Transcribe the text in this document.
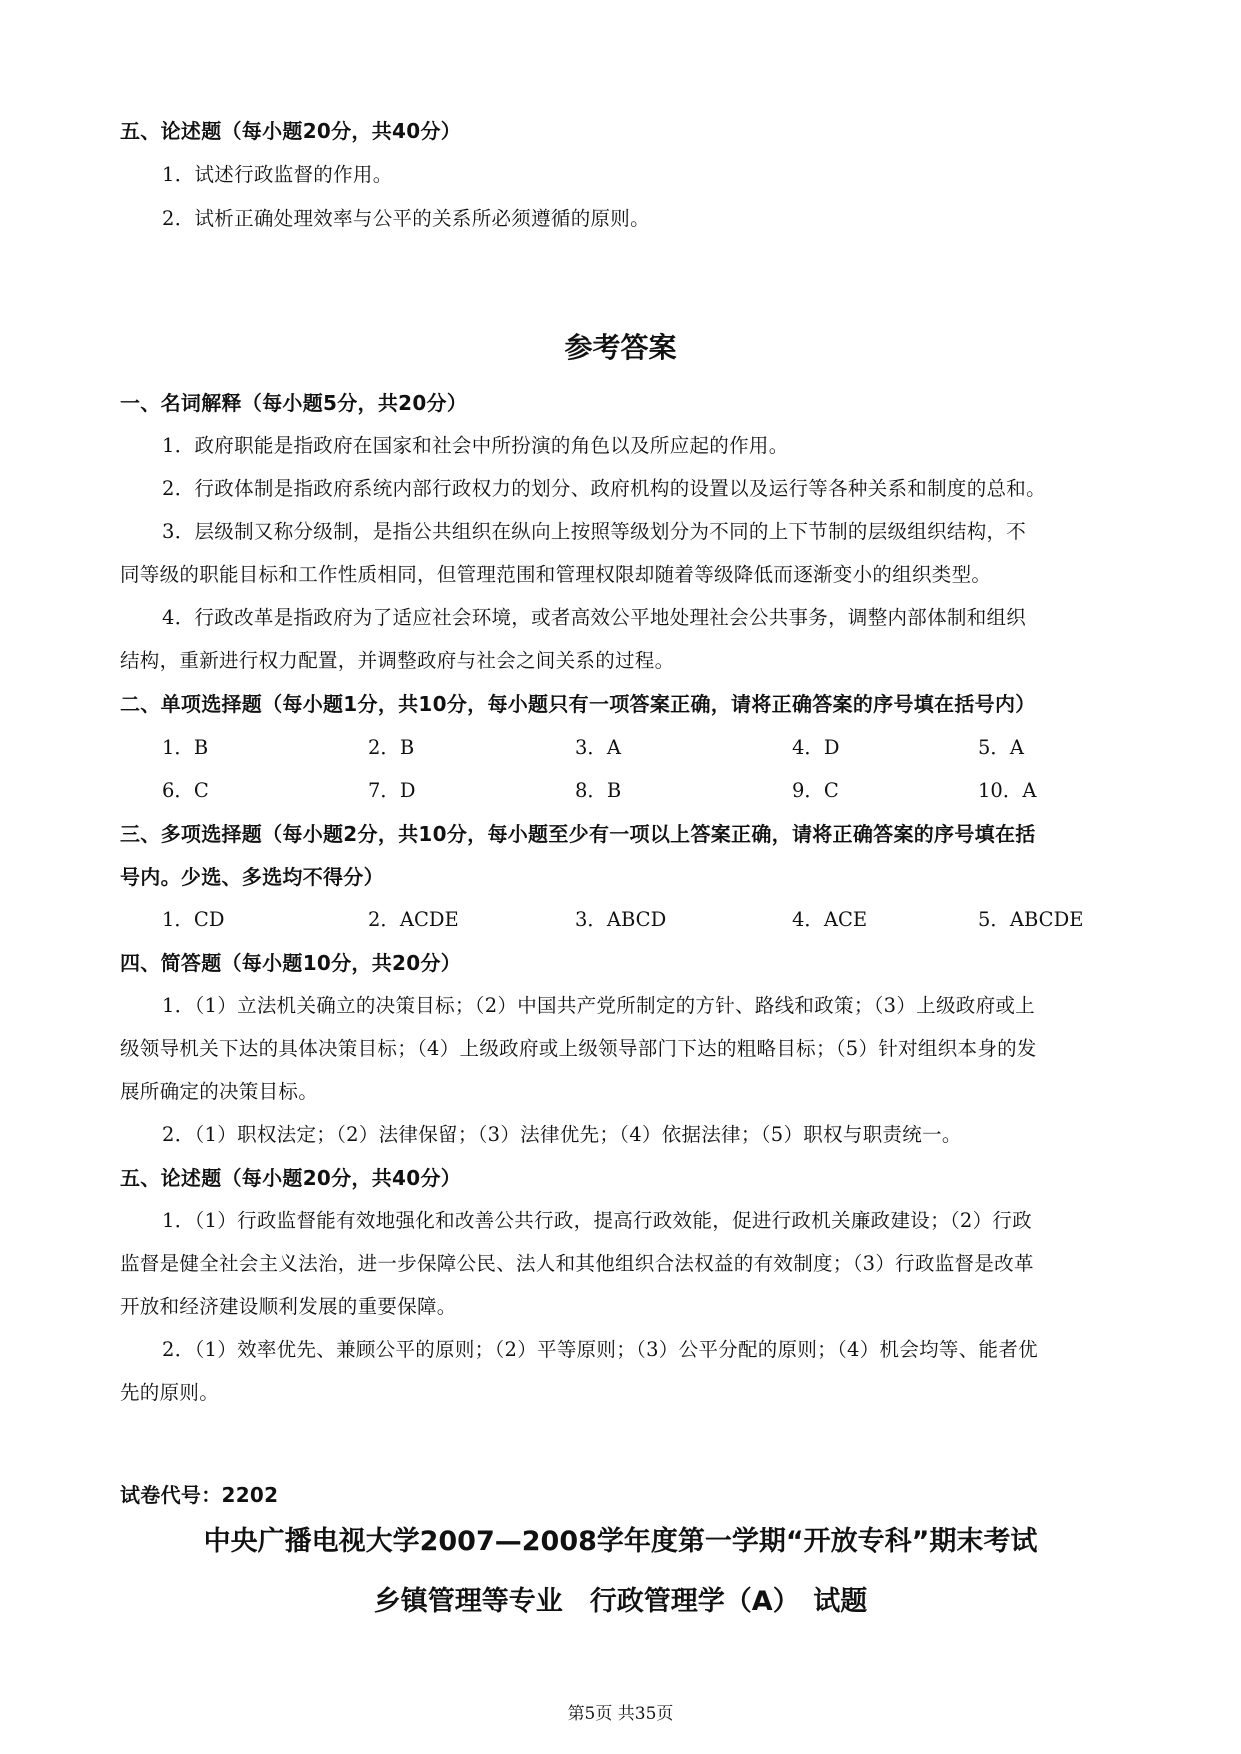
五、论述题（每小题20分，共40分）
1．试述行政监督的作用。
2．试析正确处理效率与公平的关系所必须遵循的原则。
参考答案
一、名词解释（每小题5分，共20分）
1．政府职能是指政府在国家和社会中所扮演的角色以及所应起的作用。
2．行政体制是指政府系统内部行政权力的划分、政府机构的设置以及运行等各种关系和制度的总和。
3．层级制又称分级制，是指公共组织在纵向上按照等级划分为不同的上下节制的层级组织结构，不
同等级的职能目标和工作性质相同，但管理范围和管理权限却随着等级降低而逐渐变小的组织类型。
4．行政改革是指政府为了适应社会环境，或者高效公平地处理社会公共事务，调整内部体制和组织
结构，重新进行权力配置，并调整政府与社会之间关系的过程。
二、单项选择题（每小题1分，共10分，每小题只有一项答案正确，请将正确答案的序号填在括号内）
1．B	2．B	3．A	4．D	5．A
6．C	7．D	8．B	9．C	10．A
三、多项选择题（每小题2分，共10分，每小题至少有一项以上答案正确，请将正确答案的序号填在括
号内。少选、多选均不得分）
1．CD	2．ACDE	3．ABCD	4．ACE	5．ABCDE
四、简答题（每小题10分，共20分）
1．（1）立法机关确立的决策目标；（2）中国共产党所制定的方针、路线和政策；（3）上级政府或上
级领导机关下达的具体决策目标；（4）上级政府或上级领导部门下达的粗略目标；（5）针对组织本身的发
展所确定的决策目标。
2．（1）职权法定；（2）法律保留；（3）法律优先；（4）依据法律；（5）职权与职责统一。
五、论述题（每小题20分，共40分）
1．（1）行政监督能有效地强化和改善公共行政，提高行政效能，促进行政机关廉政建设；（2）行政
监督是健全社会主义法治，进一步保障公民、法人和其他组织合法权益的有效制度；（3）行政监督是改革
开放和经济建设顺利发展的重要保障。
2．（1）效率优先、兼顾公平的原则；（2）平等原则；（3）公平分配的原则；（4）机会均等、能者优
先的原则。
试卷代号：2202
中央广播电视大学2007—2008学年度第一学期“开放专科”期末考试
乡镇管理等专业　行政管理学（A）　试题
第5页 共35页
